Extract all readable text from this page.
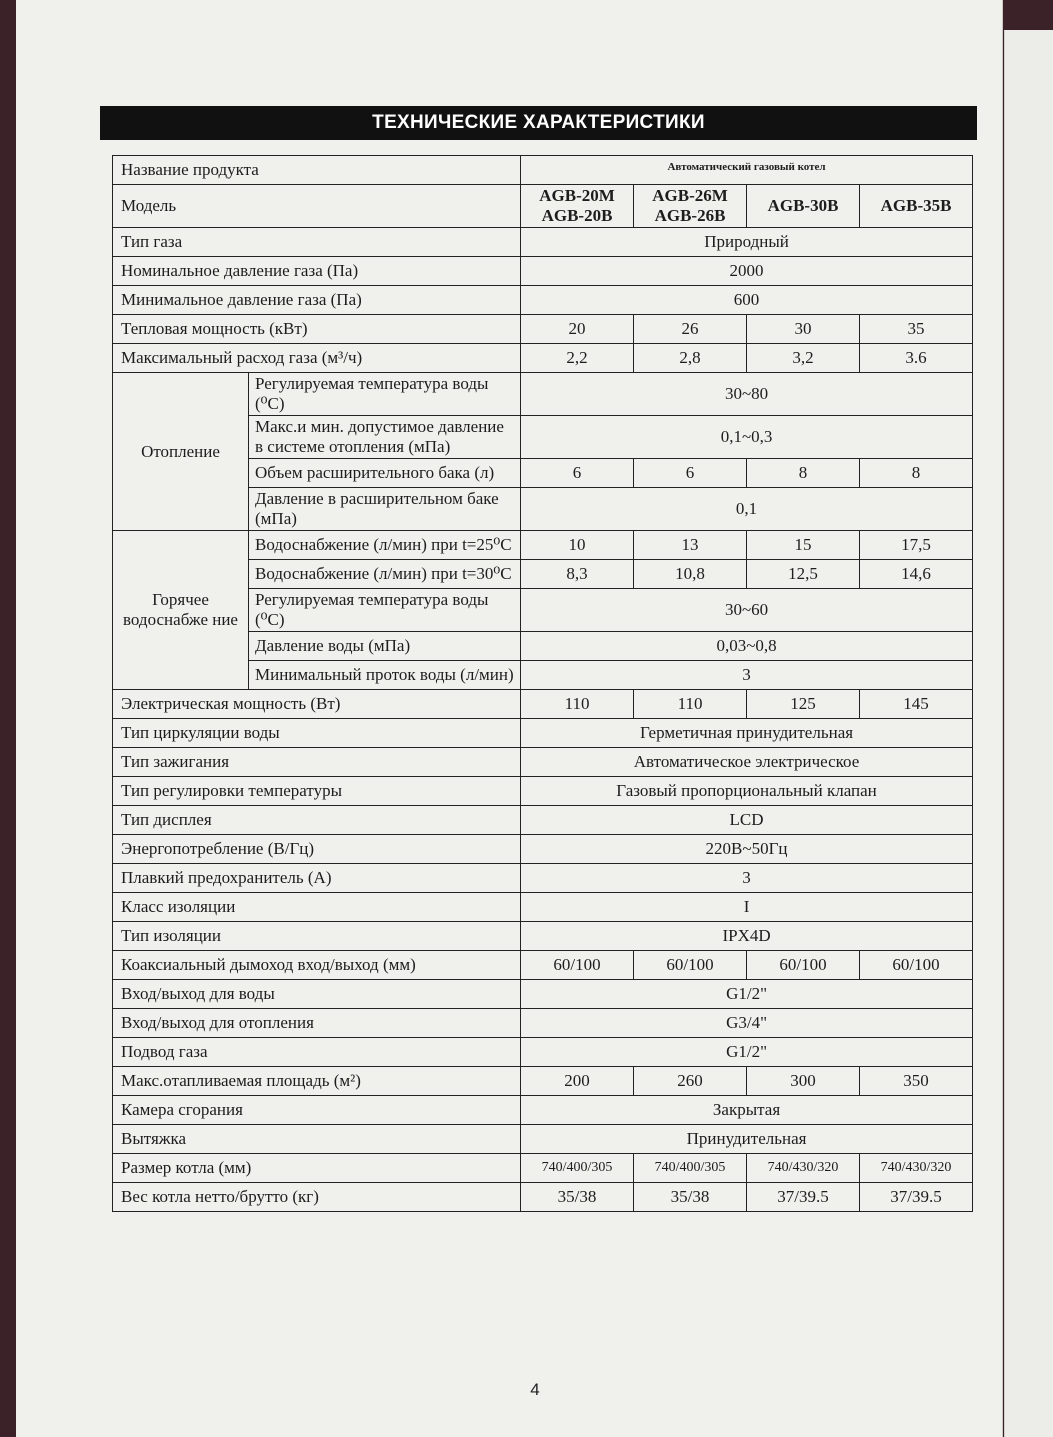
ТЕХНИЧЕСКИЕ ХАРАКТЕРИСТИКИ
Название продукта		Автоматический газовый котел			
Модель		AGB-20M AGB-20B	AGB-26M AGB-26B	AGB-30B	AGB-35B
Тип газа		Природный			
Номинальное давление газа (Па)		2000			
Минимальное давление газа (Па)		600			
Тепловая мощность (кВт)		20	26	30	35
Максимальный расход газа (м³/ч)		2,2	2,8	3,2	3.6
Отопление	Регулируемая температура воды (⁰С)	30~80			
	Макс.и мин. допустимое давление в системе отопления (мПа)	0,1~0,3			
	Объем расширительного бака (л)	6	6	8	8
	Давление в расширительном баке (мПа)	0,1			
Горячее водоснабже ние	Водоснабжение (л/мин) при t=25⁰С	10	13	15	17,5
	Водоснабжение (л/мин) при t=30⁰С	8,3	10,8	12,5	14,6
	Регулируемая температура воды (⁰С)	30~60			
	Давление воды (мПа)	0,03~0,8			
	Минимальный проток воды (л/мин)	3			
Электрическая мощность (Вт)		110	110	125	145
Тип циркуляции воды		Герметичная принудительная			
Тип зажигания		Автоматическое электрическое			
Тип регулировки температуры		Газовый пропорциональный клапан			
Тип дисплея		LCD			
Энергопотребление (В/Гц)		220В~50Гц			
Плавкий предохранитель (А)		3			
Класс изоляции		I			
Тип изоляции		IPX4D			
Коаксиальный дымоход вход/выход (мм)		60/100	60/100	60/100	60/100
Вход/выход для воды		G1/2"			
Вход/выход для отопления		G3/4"			
Подвод газа		G1/2"			
Макс.отапливаемая площадь (м²)		200	260	300	350
Камера сгорания		Закрытая			
Вытяжка		Принудительная			
Размер котла (мм)		740/400/305	740/400/305	740/430/320	740/430/320
Вес котла нетто/брутто (кг)		35/38	35/38	37/39.5	37/39.5
4
